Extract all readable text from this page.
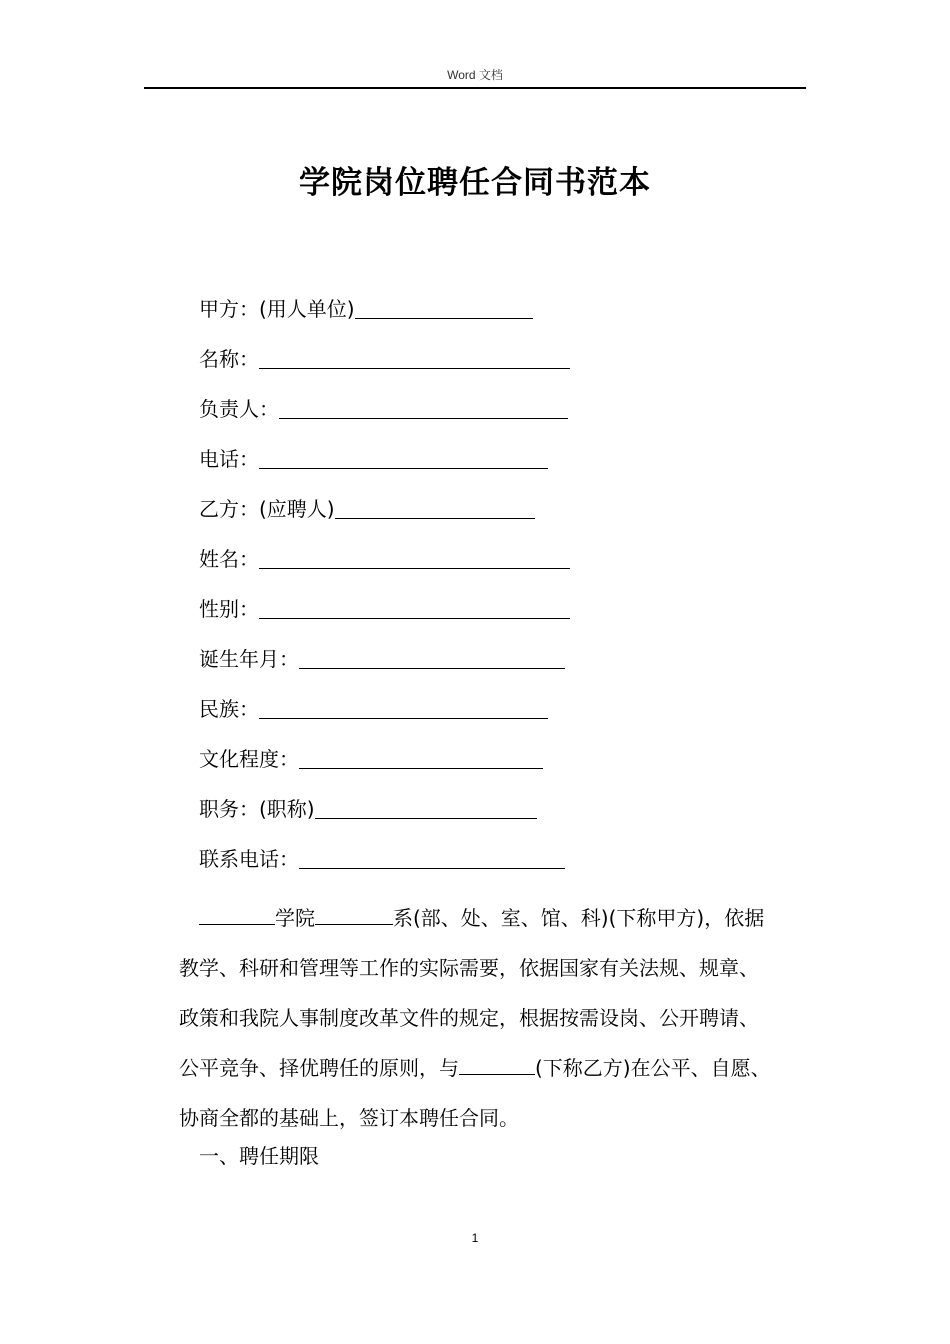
Word 文档
学院岗位聘任合同书范本
甲方：(用人单位)
名称：
负责人：
电话：
乙方：(应聘人)
姓名：
性别：
诞生年月：
民族：
文化程度：
职务：(职称)
联系电话：
学院	系(部、处、室、馆、科)(下称甲方)，依据
教学、科研和管理等工作的实际需要，依据国家有关法规、规章、
政策和我院人事制度改革文件的规定，根据按需设岗、公开聘请、
公平竞争、择优聘任的原则，与	(下称乙方)在公平、自愿、
协商全都的基础上，签订本聘任合同。
一、聘任期限
1
